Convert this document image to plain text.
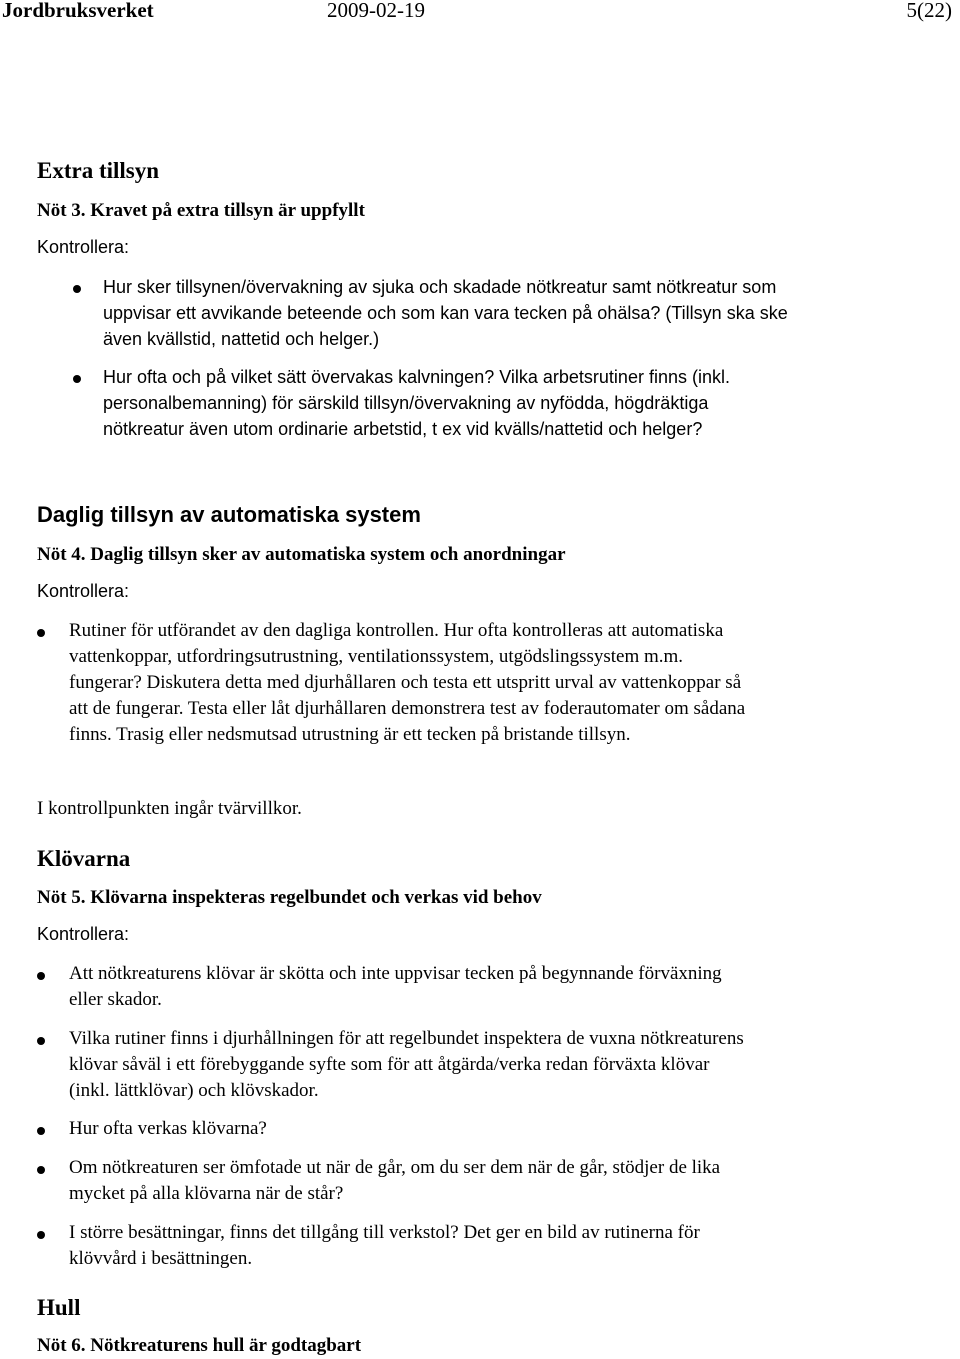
Jordbruksverket	2009-02-19	5(22)
Extra tillsyn
Nöt 3. Kravet på extra tillsyn är uppfyllt
Kontrollera:

Hur sker tillsynen/övervakning av sjuka och skadade nötkreatur samt nötkreatur som

uppvisar ett avvikande beteende och som kan vara tecken på ohälsa? (Tillsyn ska ske

även kvällstid, nattetid och helger.)

Hur ofta och på vilket sätt övervakas kalvningen? Vilka arbetsrutiner finns (inkl.

personalbemanning) för särskild tillsyn/övervakning av nyfödda, högdräktiga

nötkreatur även utom ordinarie arbetstid, t ex vid kvälls/nattetid och helger?

Daglig tillsyn av automatiska system
Nöt 4. Daglig tillsyn sker av automatiska system och anordningar
Kontrollera:

Rutiner för utförandet av den dagliga kontrollen. Hur ofta kontrolleras att automatiska

vattenkoppar, utfordringsutrustning, ventilationssystem, utgödslingssystem m.m.

fungerar? Diskutera detta med djurhållaren och testa ett utspritt urval av vattenkoppar så

att de fungerar. Testa eller låt djurhållaren demonstrera test av foderautomater om sådana

finns. Trasig eller nedsmutsad utrustning är ett tecken på bristande tillsyn.

I kontrollpunkten ingår tvärvillkor.
Klövarna
Nöt 5. Klövarna inspekteras regelbundet och verkas vid behov
Kontrollera:

Att nötkreaturens klövar är skötta och inte uppvisar tecken på begynnande förväxning

eller skador.

Vilka rutiner finns i djurhållningen för att regelbundet inspektera de vuxna nötkreaturens

klövar såväl i ett förebyggande syfte som för att åtgärda/verka redan förväxta klövar

(inkl. lättklövar) och klövskador.

Hur ofta verkas klövarna?

Om nötkreaturen ser ömfotade ut när de går, om du ser dem när de går, stödjer de lika

mycket på alla klövarna när de står?

I större besättningar, finns det tillgång till verkstol? Det ger en bild av rutinerna för

klövvård i besättningen.

Hull
Nöt 6. Nötkreaturens hull är godtagbart
